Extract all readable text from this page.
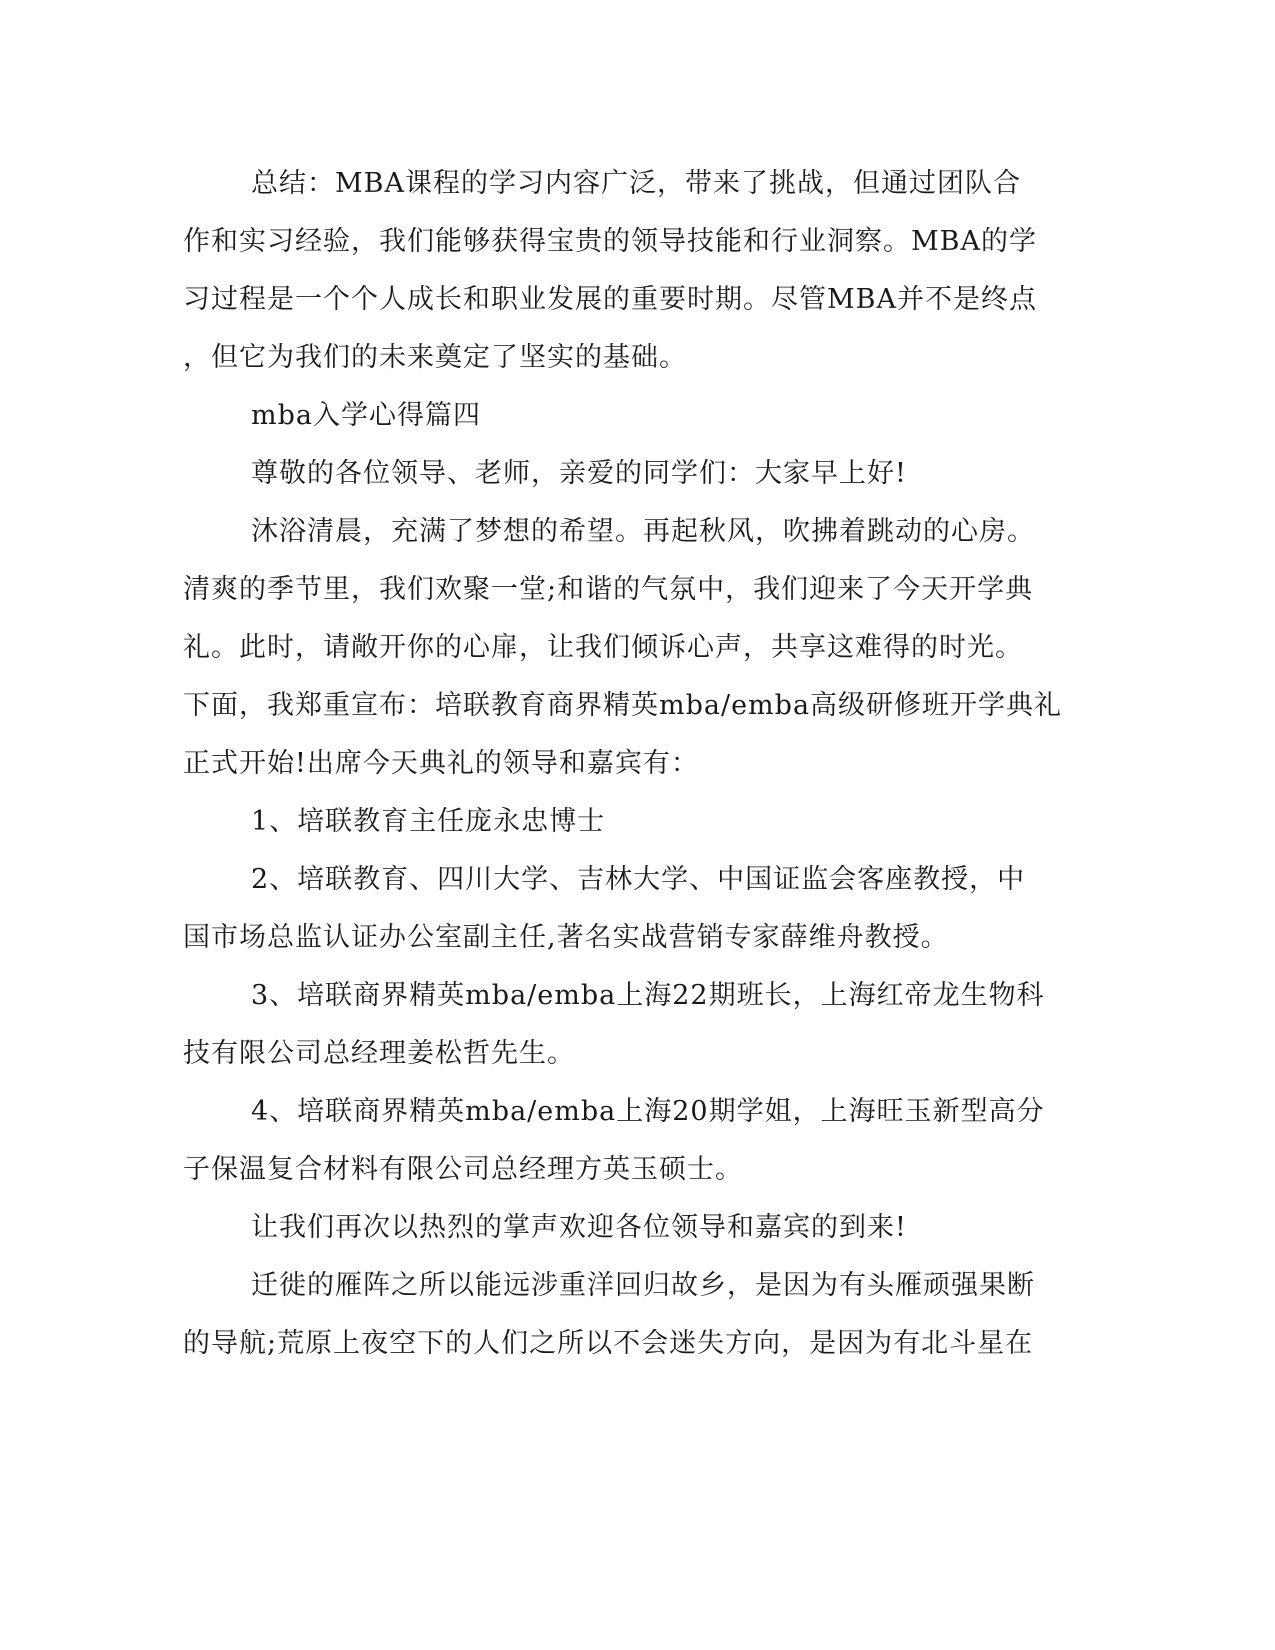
总结：MBA课程的学习内容广泛，带来了挑战，但通过团队合
作和实习经验，我们能够获得宝贵的领导技能和行业洞察。MBA的学
习过程是一个个人成长和职业发展的重要时期。尽管MBA并不是终点
，但它为我们的未来奠定了坚实的基础。
mba入学心得篇四
尊敬的各位领导、老师，亲爱的同学们：大家早上好!
沐浴清晨，充满了梦想的希望。再起秋风，吹拂着跳动的心房。
清爽的季节里，我们欢聚一堂;和谐的气氛中，我们迎来了今天开学典
礼。此时，请敞开你的心扉，让我们倾诉心声，共享这难得的时光。
下面，我郑重宣布：培联教育商界精英mba/emba高级研修班开学典礼
正式开始!出席今天典礼的领导和嘉宾有：
1、培联教育主任庞永忠博士
2、培联教育、四川大学、吉林大学、中国证监会客座教授，中
国市场总监认证办公室副主任,著名实战营销专家薛维舟教授。
3、培联商界精英mba/emba上海22期班长，上海红帝龙生物科
技有限公司总经理姜松哲先生。
4、培联商界精英mba/emba上海20期学姐，上海旺玉新型高分
子保温复合材料有限公司总经理方英玉硕士。
让我们再次以热烈的掌声欢迎各位领导和嘉宾的到来!
迁徙的雁阵之所以能远涉重洋回归故乡，是因为有头雁顽强果断
的导航;荒原上夜空下的人们之所以不会迷失方向，是因为有北斗星在
